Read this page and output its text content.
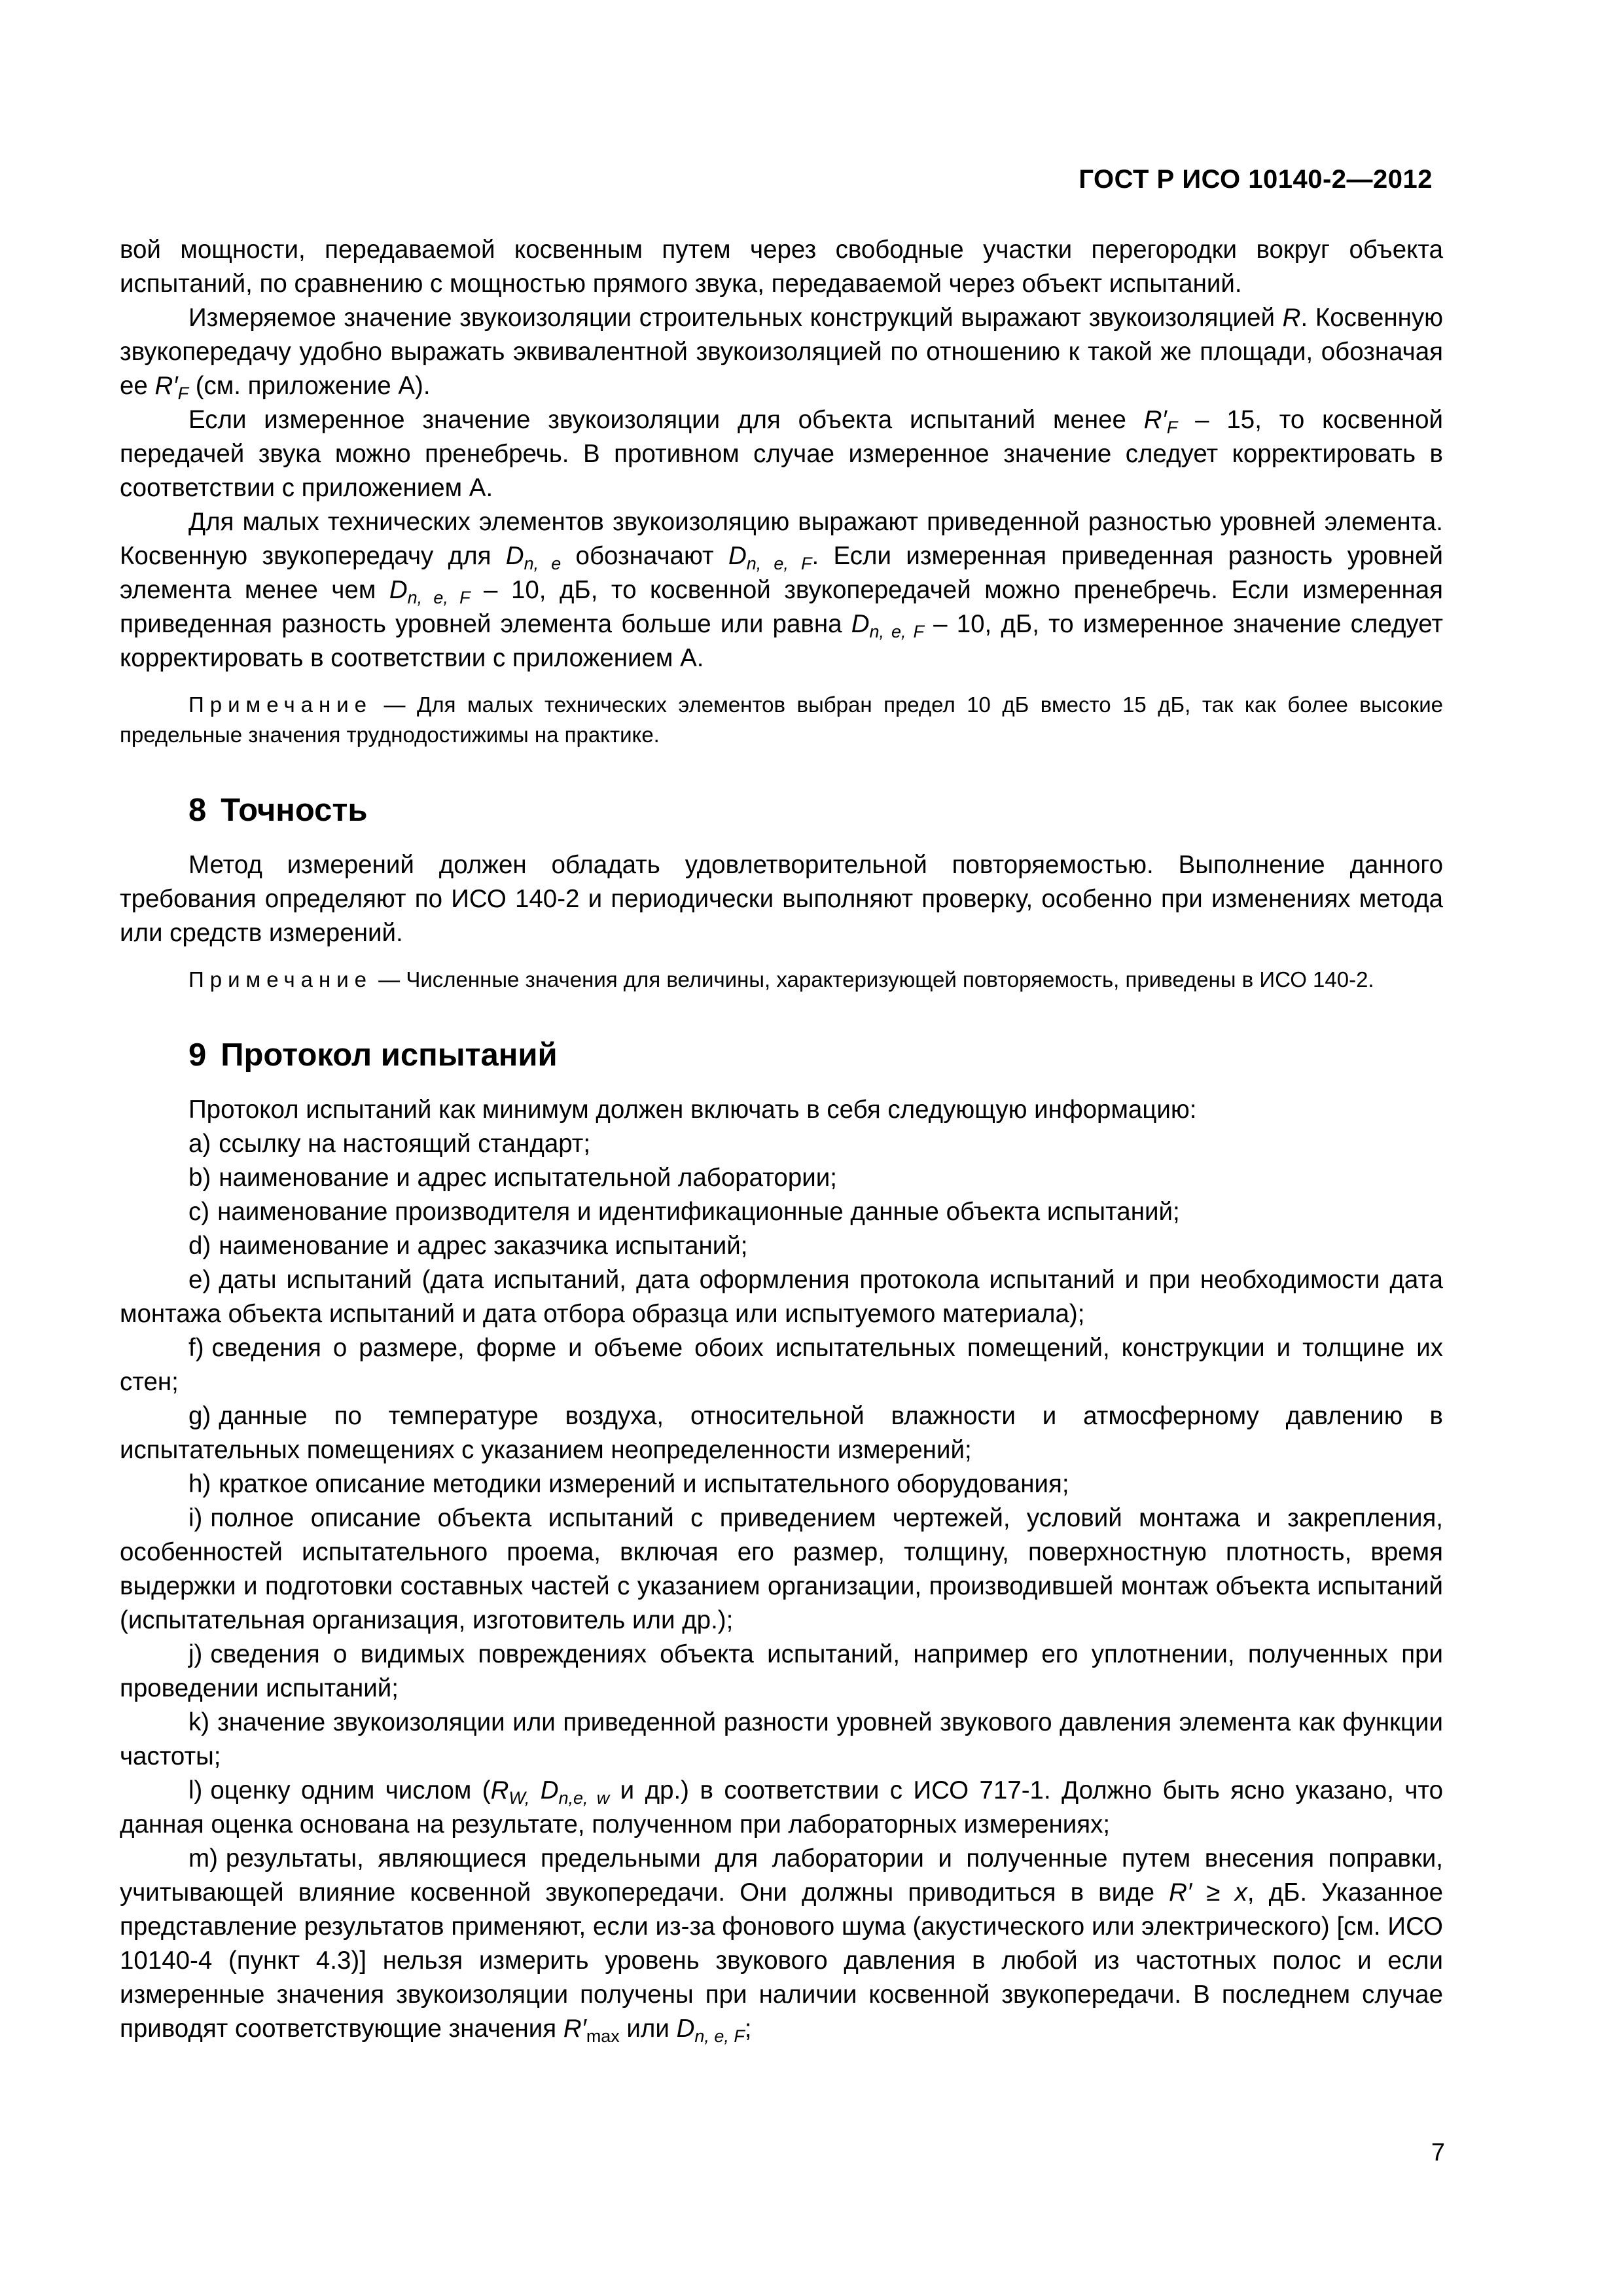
ГОСТ Р ИСО 10140-2—2012

вой мощности, передаваемой косвенным путем через свободные участки перегородки вокруг объекта испытаний, по сравнению с мощностью прямого звука, передаваемой через объект испытаний.

Измеряемое значение звукоизоляции строительных конструкций выражают звукоизоляцией R. Косвенную звукопередачу удобно выражать эквивалентной звукоизоляцией по отношению к такой же площади, обозначая ее $R'_F$ (см. приложение А).

Если измеренное значение звукоизоляции для объекта испытаний менее $R'_F - 15$, то косвенной передачей звука можно пренебречь. В противном случае измеренное значение следует корректировать в соответствии с приложением А.

Для малых технических элементов звукоизоляцию выражают приведенной разностью уровней элемента. Косвенную звукопередачу для $D_{n, e}$ обозначают $D_{n, e, F}$. Если измеренная приведенная разность уровней элемента менее чем $D_{n, e, F} - 10$, дБ, то косвенной звукопередачей можно пренебречь. Если измеренная приведенная разность уровней элемента больше или равна $D_{n, e, F} - 10$, дБ, то измеренное значение следует корректировать в соответствии с приложением А.

Примечание — Для малых технических элементов выбран предел 10 дБ вместо 15 дБ, так как более высокие предельные значения труднодостижимы на практике.

8 Точность

Метод измерений должен обладать удовлетворительной повторяемостью. Выполнение данного требования определяют по ИСО 140-2 и периодически выполняют проверку, особенно при изменениях метода или средств измерений.

Примечание — Численные значения для величины, характеризующей повторяемость, приведены в ИСО 140-2.

9 Протокол испытаний

Протокол испытаний как минимум должен включать в себя следующую информацию:

a) ссылку на настоящий стандарт;

b) наименование и адрес испытательной лаборатории;

c) наименование производителя и идентификационные данные объекта испытаний;

d) наименование и адрес заказчика испытаний;

e) даты испытаний (дата испытаний, дата оформления протокола испытаний и при необходимости дата монтажа объекта испытаний и дата отбора образца или испытуемого материала);

f) сведения о размере, форме и объеме обоих испытательных помещений, конструкции и толщине их стен;

g) данные по температуре воздуха, относительной влажности и атмосферному давлению в испытательных помещениях с указанием неопределенности измерений;

h) краткое описание методики измерений и испытательного оборудования;

i) полное описание объекта испытаний с приведением чертежей, условий монтажа и закрепления, особенностей испытательного проема, включая его размер, толщину, поверхностную плотность, время выдержки и подготовки составных частей с указанием организации, производившей монтаж объекта испытаний (испытательная организация, изготовитель или др.);

j) сведения о видимых повреждениях объекта испытаний, например его уплотнении, полученных при проведении испытаний;

k) значение звукоизоляции или приведенной разности уровней звукового давления элемента как функции частоты;

l) оценку одним числом ($R_{W,}$ $D_{n,e, w}$ и др.) в соответствии с ИСО 717-1. Должно быть ясно указано, что данная оценка основана на результате, полученном при лабораторных измерениях;

m) результаты, являющиеся предельными для лаборатории и полученные путем внесения поправки, учитывающей влияние косвенной звукопередачи. Они должны приводиться в виде R′ ≥ x, дБ. Указанное представление результатов применяют, если из-за фонового шума (акустического или электрического) [см. ИСО 10140-4 (пункт 4.3)] нельзя измерить уровень звукового давления в любой из частотных полос и если измеренные значения звукоизоляции получены при наличии косвенной звукопередачи. В последнем случае приводят соответствующие значения $R'_{max}$ или $D_{n, e, F}$;

7
